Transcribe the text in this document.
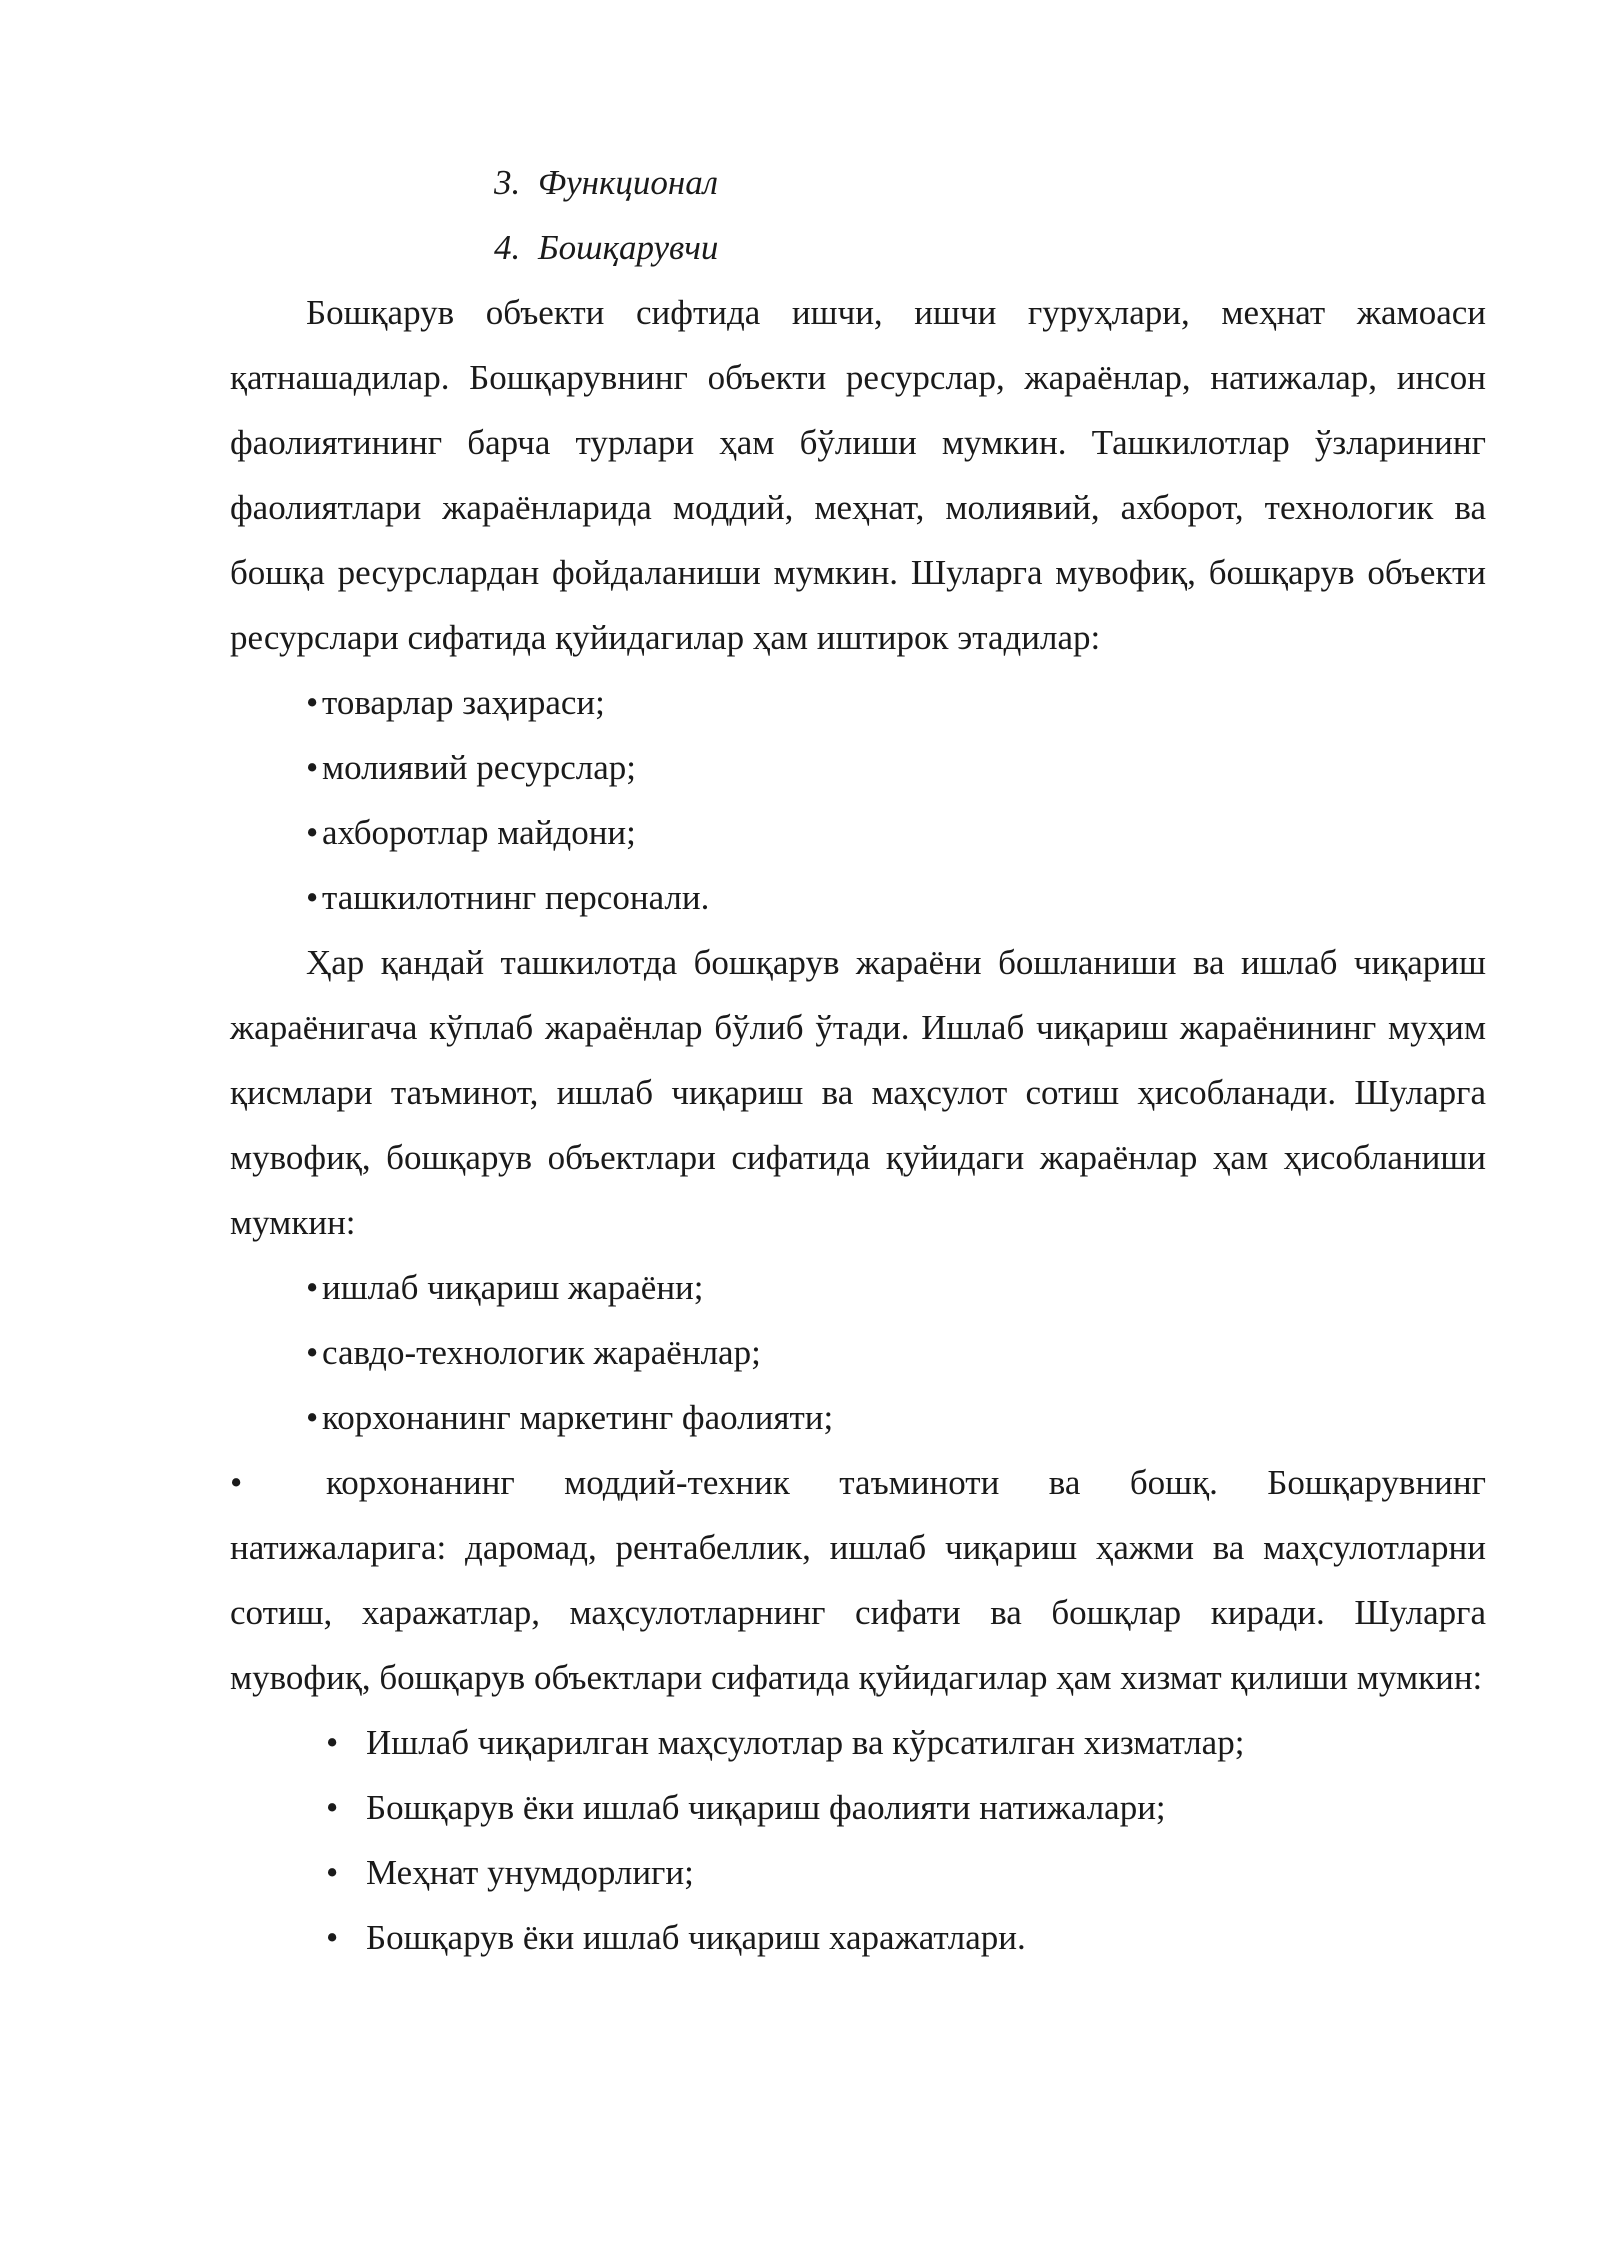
3. Функционал
4. Бошқарувчи

Бошқарув объекти сифтида ишчи, ишчи гуруҳлари, меҳнат жамоаси қатнашадилар. Бошқарувнинг объекти ресурслар, жараёнлар, натижалар, инсон фаолиятининг барча турлари ҳам бўлиши мумкин. Ташкилотлар ўзларининг фаолиятлари жараёнларида моддий, меҳнат, молиявий, ахборот, технологик ва бошқа ресурслардан фойдаланиши мумкин. Шуларга мувофиқ, бошқарув объекти ресурслари сифатида қуйидагилар ҳам иштирок этадилар:

• товарлар заҳираси;
• молиявий ресурслар;
• ахборотлар майдони;
• ташкилотнинг персонали.

Ҳар қандай ташкилотда бошқарув жараёни бошланиши ва ишлаб чиқариш жараёнигача кўплаб жараёнлар бўлиб ўтади. Ишлаб чиқариш жараёнининг муҳим қисмлари таъминот, ишлаб чиқариш ва маҳсулот сотиш ҳисобланади. Шуларга мувофиқ, бошқарув объектлари сифатида қуйидаги жараёнлар ҳам ҳисобланиши мумкин:

• ишлаб чиқариш жараёни;
• савдо-технологик жараёнлар;
• корхонанинг маркетинг фаолияти;

• корхонанинг моддий-техник таъминоти ва бошқ. Бошқарувнинг натижаларига: даромад, рентабеллик, ишлаб чиқариш ҳажми ва маҳсулотларни сотиш, харажатлар, маҳсулотларнинг сифати ва бошқлар киради. Шуларга мувофиқ, бошқарув объектлари сифатида қуйидагилар ҳам хизмат қилиши мумкин:

• Ишлаб чиқарилган маҳсулотлар ва кўрсатилган хизматлар;
• Бошқарув ёки ишлаб чиқариш фаолияти натижалари;
• Меҳнат унумдорлиги;
• Бошқарув ёки ишлаб чиқариш харажатлари.
